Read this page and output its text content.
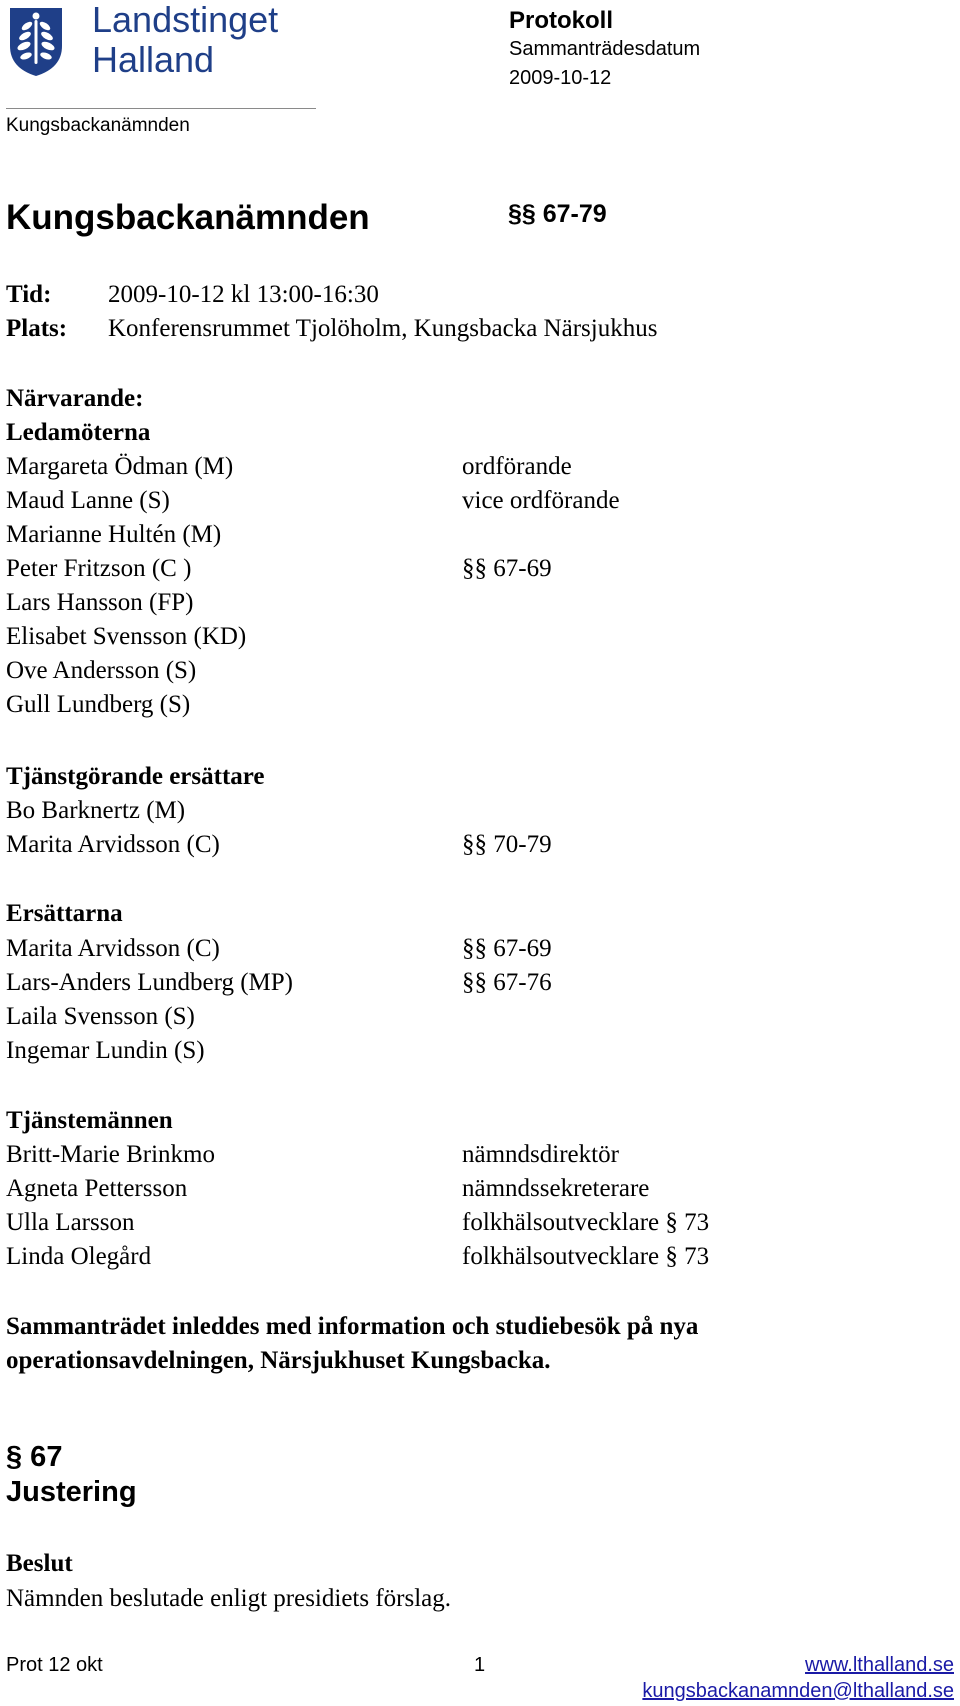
Landstinget
Halland
Kungsbackanämnden
Protokoll
Sammanträdesdatum
2009-10-12
Kungsbackanämnden	§§ 67-79
Tid: 2009-10-12 kl 13:00-16:30
Plats: Konferensrummet Tjolöholm, Kungsbacka Närsjukhus
Närvarande:
Ledamöterna
Margareta Ödman (M)	ordförande
Maud Lanne (S)	vice ordförande
Marianne Hultén (M)
Peter Fritzson (C )	§§ 67-69
Lars Hansson (FP)
Elisabet Svensson (KD)
Ove Andersson (S)
Gull Lundberg (S)
Tjänstgörande ersättare
Bo Barknertz (M)
Marita Arvidsson (C)	§§ 70-79
Ersättarna
Marita Arvidsson (C)	§§ 67-69
Lars-Anders Lundberg (MP)	§§ 67-76
Laila Svensson (S)
Ingemar Lundin (S)
Tjänstemännen
Britt-Marie Brinkmo	nämndsdirektör
Agneta Pettersson	nämndssekreterare
Ulla Larsson	folkhälsoutvecklare § 73
Linda Olegård	folkhälsoutvecklare § 73
Sammanträdet inleddes med information och studiebesök på nya
operationsavdelningen, Närsjukhuset Kungsbacka.
§ 67
Justering
Beslut
Nämnden beslutade enligt presidiets förslag.
Prot 12 okt	1	www.lthalland.se
kungsbackanamnden@lthalland.se
